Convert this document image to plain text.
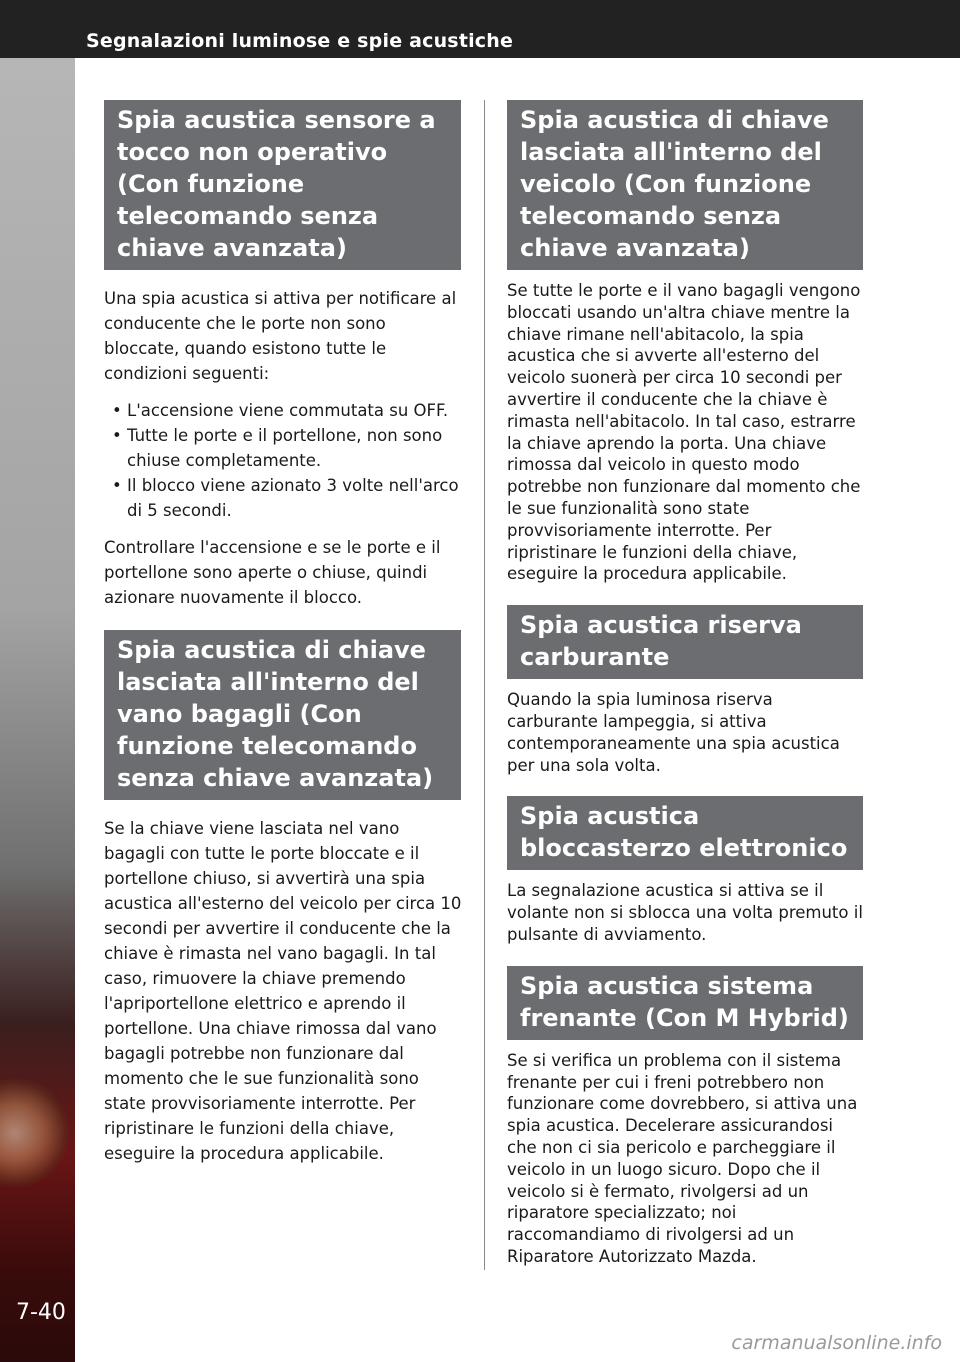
Segnalazioni luminose e spie acustiche
7-40
Spia acustica sensore a tocco non operativo (Con funzione telecomando senza chiave avanzata)

Una spia acustica si attiva per notificare al conducente che le porte non sono bloccate, quando esistono tutte le condizioni seguenti:

• L'accensione viene commutata su OFF.
• Tutte le porte e il portellone, non sono chiuse completamente.
• Il blocco viene azionato 3 volte nell'arco di 5 secondi.

Controllare l'accensione e se le porte e il portellone sono aperte o chiuse, quindi azionare nuovamente il blocco.

Spia acustica di chiave lasciata all'interno del vano bagagli (Con funzione telecomando senza chiave avanzata)

Se la chiave viene lasciata nel vano bagagli con tutte le porte bloccate e il portellone chiuso, si avvertirà una spia acustica all'esterno del veicolo per circa 10 secondi per avvertire il conducente che la chiave è rimasta nel vano bagagli. In tal caso, rimuovere la chiave premendo l'apriportellone elettrico e aprendo il portellone. Una chiave rimossa dal vano bagagli potrebbe non funzionare dal momento che le sue funzionalità sono state provvisoriamente interrotte. Per ripristinare le funzioni della chiave, eseguire la procedura applicabile.

Spia acustica di chiave lasciata all'interno del veicolo (Con funzione telecomando senza chiave avanzata)

Se tutte le porte e il vano bagagli vengono bloccati usando un'altra chiave mentre la chiave rimane nell'abitacolo, la spia acustica che si avverte all'esterno del veicolo suonerà per circa 10 secondi per avvertire il conducente che la chiave è rimasta nell'abitacolo. In tal caso, estrarre la chiave aprendo la porta. Una chiave rimossa dal veicolo in questo modo potrebbe non funzionare dal momento che le sue funzionalità sono state provvisoriamente interrotte. Per ripristinare le funzioni della chiave, eseguire la procedura applicabile.

Spia acustica riserva carburante

Quando la spia luminosa riserva carburante lampeggia, si attiva contemporaneamente una spia acustica per una sola volta.

Spia acustica bloccasterzo elettronico

La segnalazione acustica si attiva se il volante non si sblocca una volta premuto il pulsante di avviamento.

Spia acustica sistema frenante (Con M Hybrid)

Se si verifica un problema con il sistema frenante per cui i freni potrebbero non funzionare come dovrebbero, si attiva una spia acustica. Decelerare assicurandosi che non ci sia pericolo e parcheggiare il veicolo in un luogo sicuro. Dopo che il veicolo si è fermato, rivolgersi ad un riparatore specializzato; noi raccomandiamo di rivolgersi ad un Riparatore Autorizzato Mazda.

carmanualsonline.info
